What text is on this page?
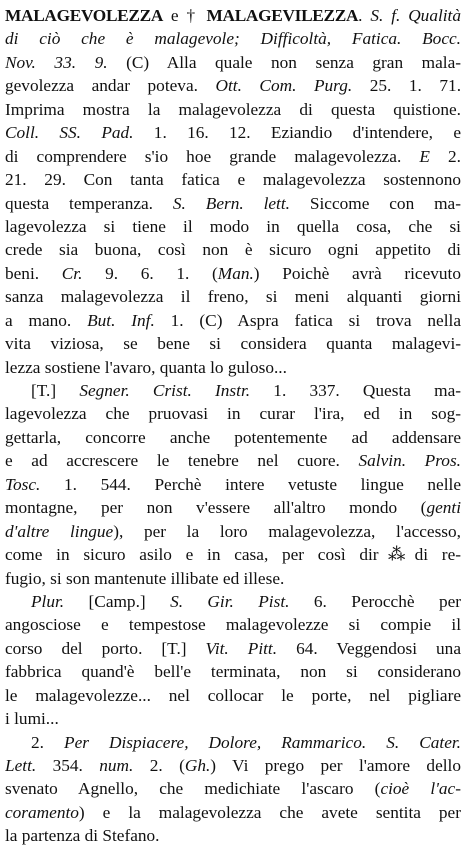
MALAGEVOLEZZA e † MALAGEVILEZZA. S. f. Qualità
di ciò che è malagevole; Difficoltà, Fatica. Bocc.
Nov. 33. 9. (C) Alla quale non senza gran mala-
gevolezza andar poteva. Ott. Com. Purg. 25. 1. 71.
Imprima mostra la malagevolezza di questa quistione.
Coll. SS. Pad. 1. 16. 12. Eziandio d'intendere, e
di comprendere s'io hoe grande malagevolezza. E 2.
21. 29. Con tanta fatica e malagevolezza sostennono
questa temperanza. S. Bern. lett. Siccome con ma-
lagevolezza si tiene il modo in quella cosa, che si
crede sia buona, così non è sicuro ogni appetito di
beni. Cr. 9. 6. 1. (Man.) Poichè avrà ricevuto
sanza malagevolezza il freno, si meni alquanti giorni
a mano. But. Inf. 1. (C) Aspra fatica si trova nella
vita viziosa, se bene si considera quanta malagevi-
lezza sostiene l'avaro, quanta lo guloso...
[T.] Segner. Crist. Instr. 1. 337. Questa ma-
lagevolezza che pruovasi in curar l'ira, ed in sog-
gettarla, concorre anche potentemente ad addensare
e ad accrescere le tenebre nel cuore. Salvin. Pros.
Tosc. 1. 544. Perchè intere vetuste lingue nelle
montagne, per non v'essere all'altro mondo (genti
d'altre lingue), per la loro malagevolezza, l'accesso,
come in sicuro asilo e in casa, per così dir⁂di re-
fugio, si son mantenute illibate ed illese.
Plur. [Camp.] S. Gir. Pist. 6. Perocchè per
angosciose e tempestose malagevolezze si compie il
corso del porto. [T.] Vit. Pitt. 64. Veggendosi una
fabbrica quand'è bell'e terminata, non si considerano
le malagevolezze... nel collocar le porte, nel pigliare
i lumi...
2. Per Dispiacere, Dolore, Rammarico. S. Cater.
Lett. 354. num. 2. (Gh.) Vi prego per l'amore dello
svenato Agnello, che medichiate l'ascaro (cioè l'ac-
coramento) e la malagevolezza che avete sentita per
la partenza di Stefano.
